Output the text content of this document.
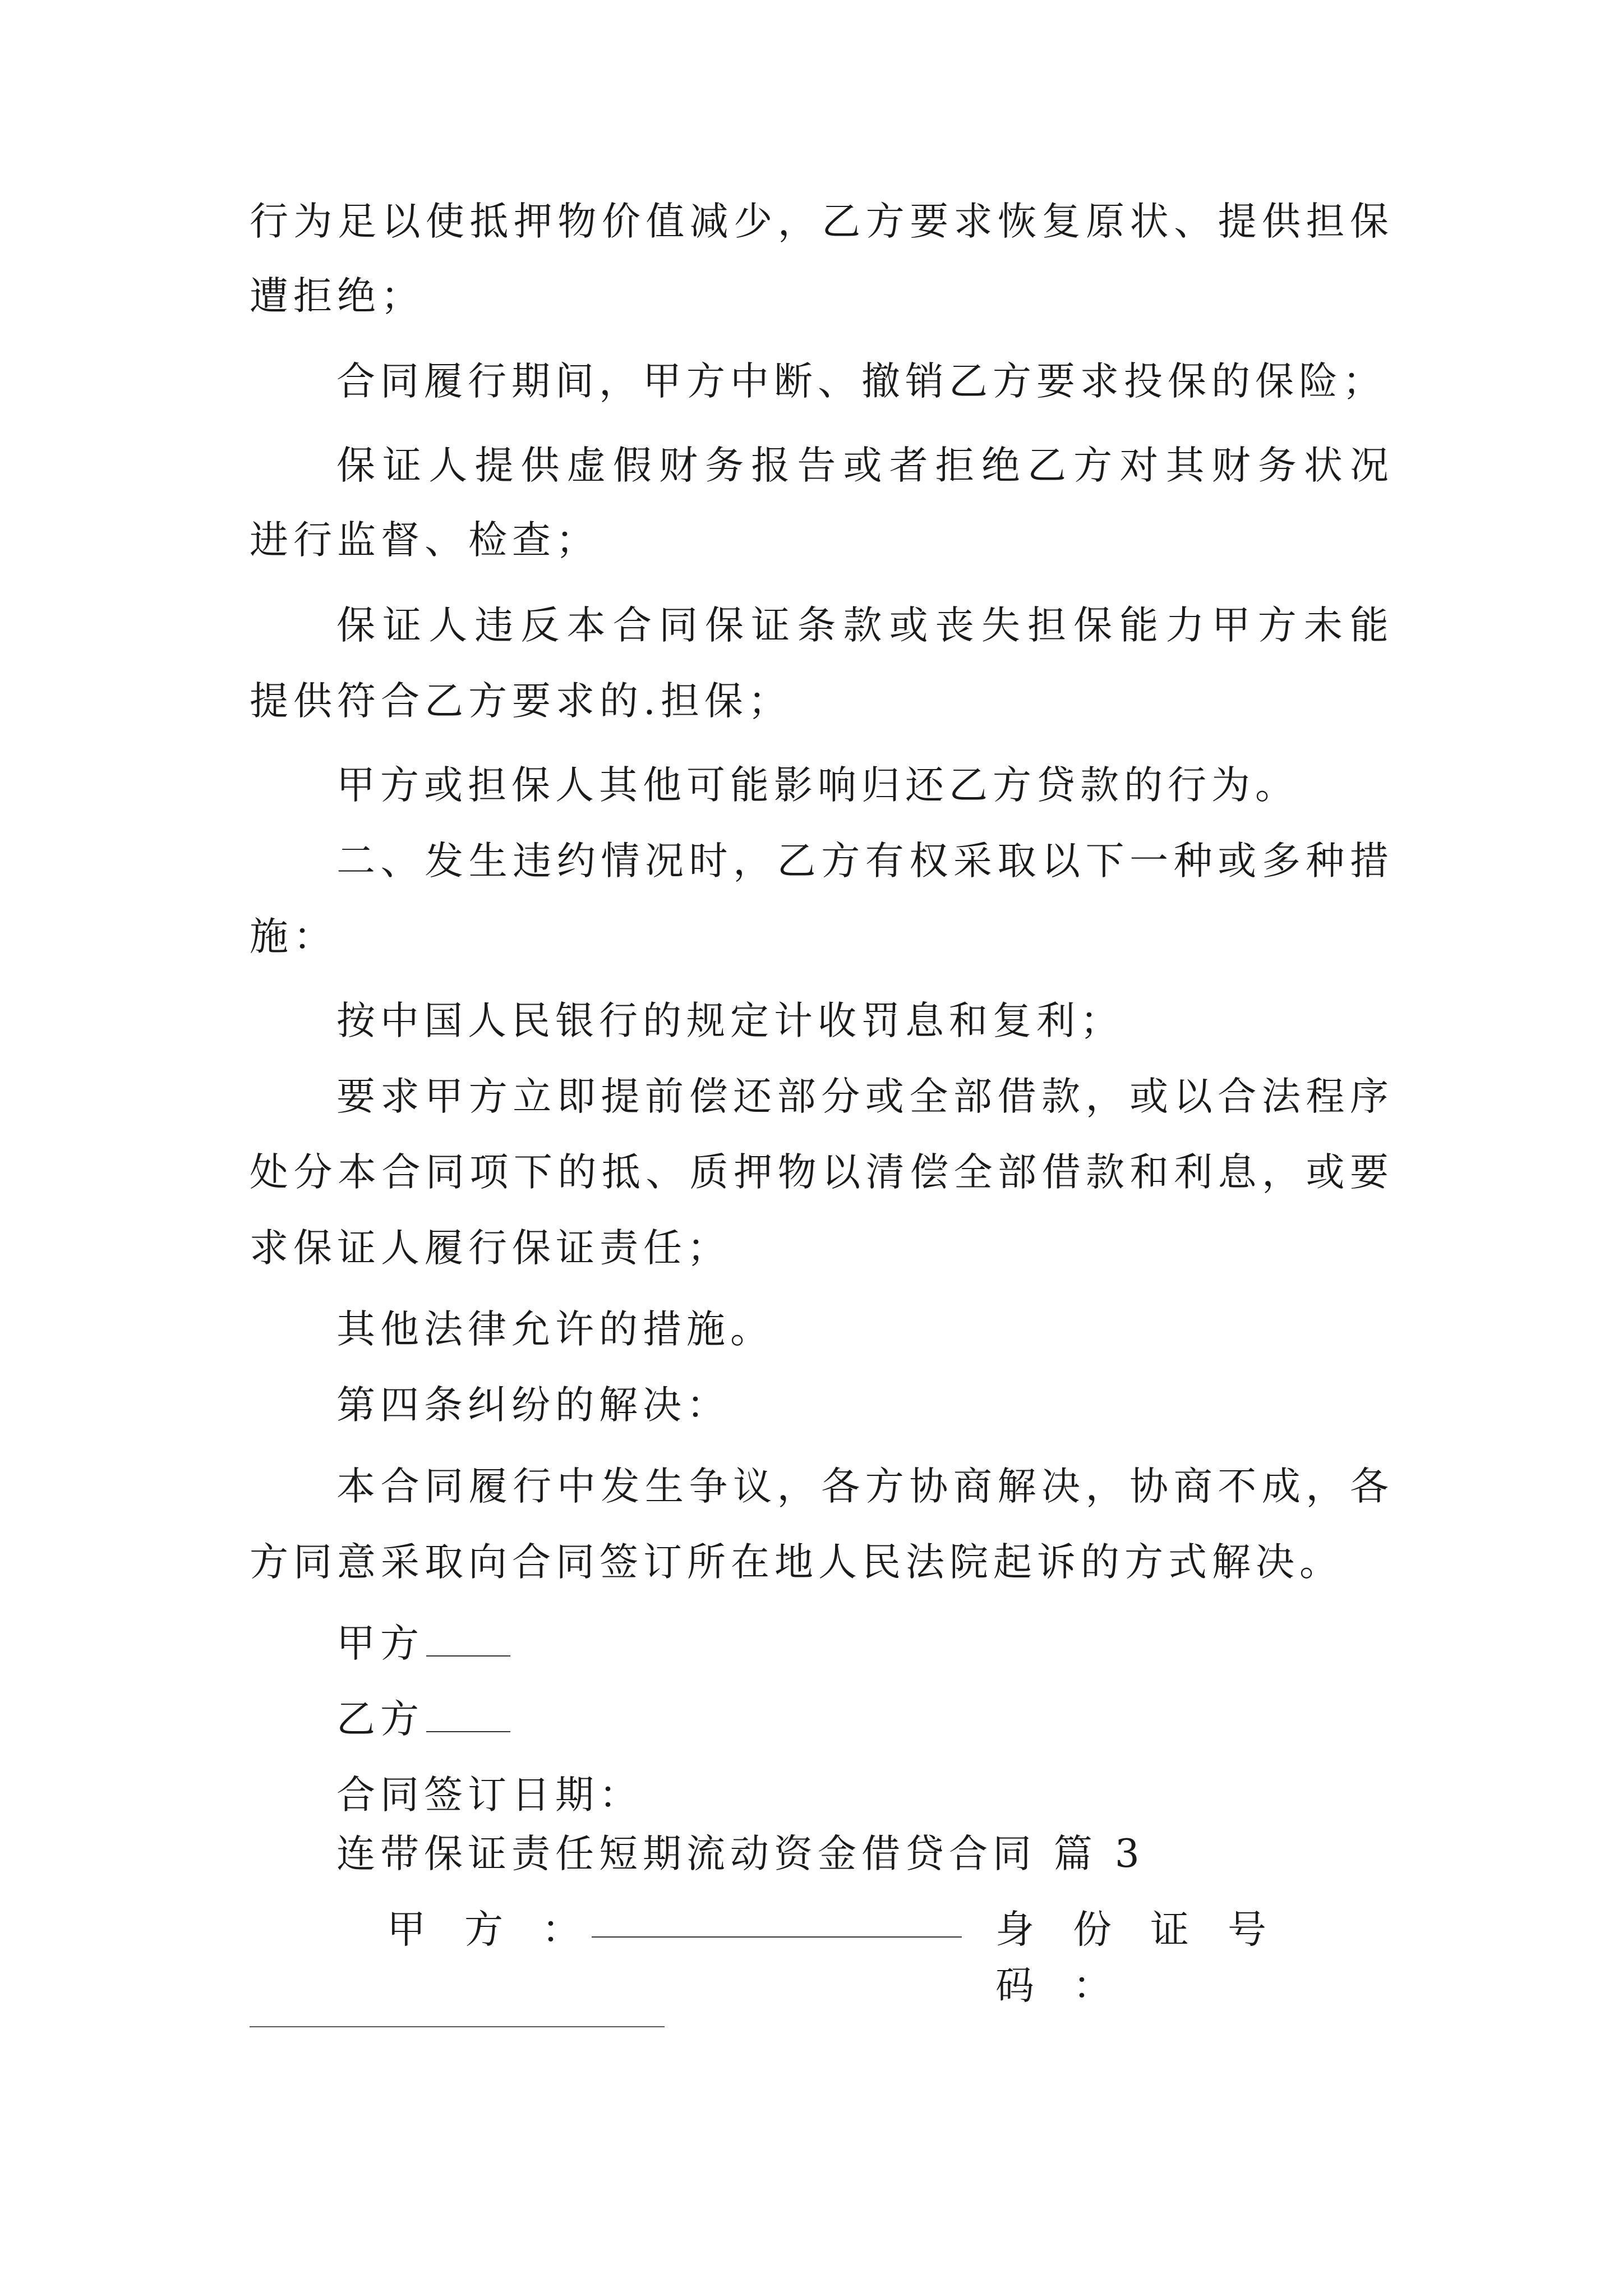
行为足以使抵押物价值减少，乙方要求恢复原状、提供担保
遭拒绝；
合同履行期间，甲方中断、撤销乙方要求投保的保险；
保证人提供虚假财务报告或者拒绝乙方对其财务状况
进行监督、检查；
保证人违反本合同保证条款或丧失担保能力甲方未能
提供符合乙方要求的.担保；
甲方或担保人其他可能影响归还乙方贷款的行为。
二、发生违约情况时，乙方有权采取以下一种或多种措
施：
按中国人民银行的规定计收罚息和复利；
要求甲方立即提前偿还部分或全部借款，或以合法程序
处分本合同项下的抵、质押物以清偿全部借款和利息，或要
求保证人履行保证责任；
其他法律允许的措施。
第四条纠纷的解决：
本合同履行中发生争议，各方协商解决，协商不成，各
方同意采取向合同签订所在地人民法院起诉的方式解决。
甲方
乙方
合同签订日期：
连带保证责任短期流动资金借贷合同 篇 3
甲　方　：	身　份　证　号　码　：
